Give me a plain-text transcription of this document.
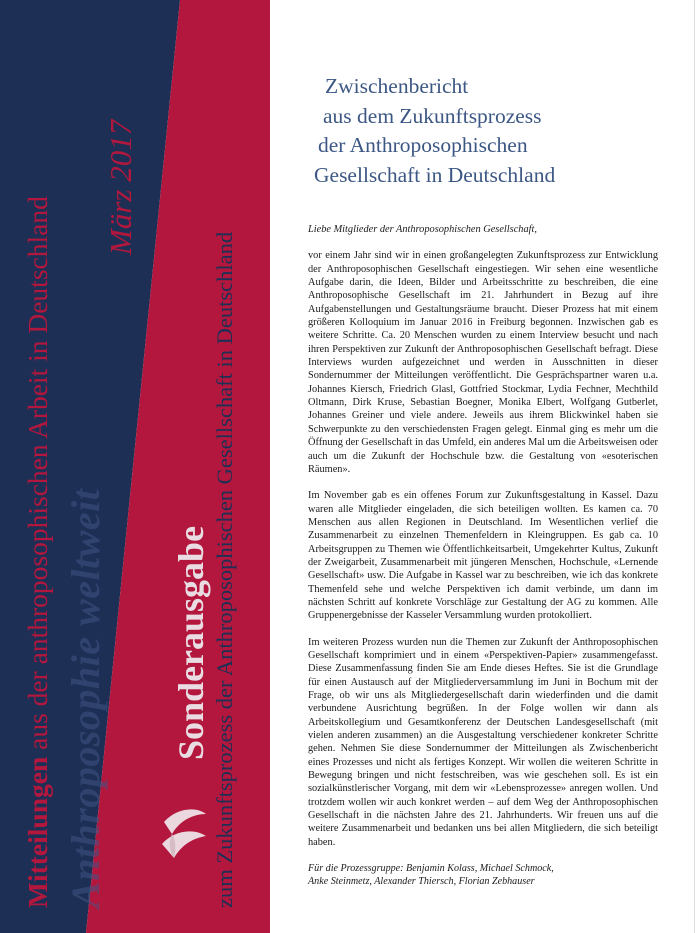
Anthroposophie weltweit
Mitteilungen aus der anthroposophischen Arbeit in Deutschland
März 2017
Sonderausgabe zum Zukunftsprozess der Anthroposophischen Gesellschaft in Deutschland
Zwischenbericht
aus dem Zukunftsprozess
der Anthroposophischen
Gesellschaft in Deutschland

Liebe Mitglieder der Anthroposophischen Gesellschaft,

vor einem Jahr sind wir in einen großangelegten Zukunftsprozess zur Entwicklung der Anthroposophischen Gesellschaft eingestiegen. Wir sehen eine wesentliche Aufgabe darin, die Ideen, Bilder und Arbeitsschritte zu beschreiben, die eine Anthroposophische Gesellschaft im 21. Jahrhundert in Bezug auf ihre Aufgabenstellungen und Gestaltungsräume braucht. Dieser Prozess hat mit einem größeren Kolloquium im Januar 2016 in Freiburg begonnen. Inzwischen gab es weitere Schritte. Ca. 20 Menschen wurden zu einem Interview besucht und nach ihren Perspektiven zur Zukunft der Anthroposophischen Gesellschaft befragt. Diese Interviews wurden aufgezeichnet und werden in Ausschnitten in dieser Sondernummer der Mitteilungen veröffentlicht. Die Gesprächspartner waren u.a. Johannes Kiersch, Friedrich Glasl, Gottfried Stockmar, Lydia Fechner, Mechthild Oltmann, Dirk Kruse, Sebastian Boegner, Monika Elbert, Wolfgang Gutberlet, Johannes Greiner und viele andere. Jeweils aus ihrem Blickwinkel haben sie Schwerpunkte zu den verschiedensten Fragen gelegt. Einmal ging es mehr um die Öffnung der Gesellschaft in das Umfeld, ein anderes Mal um die Arbeitsweisen oder auch um die Zukunft der Hochschule bzw. die Gestaltung von «esoterischen Räumen».

Im November gab es ein offenes Forum zur Zukunftsgestaltung in Kassel. Dazu waren alle Mitglieder eingeladen, die sich beteiligen wollten. Es kamen ca. 70 Menschen aus allen Regionen in Deutschland. Im Wesentlichen verlief die Zusammenarbeit zu einzelnen Themenfeldern in Kleingruppen. Es gab ca. 10 Arbeitsgruppen zu Themen wie Öffentlichkeitsarbeit, Umgekehrter Kultus, Zukunft der Zweigarbeit, Zusammenarbeit mit jüngeren Menschen, Hochschule, «Lernende Gesellschaft» usw. Die Aufgabe in Kassel war zu beschreiben, wie ich das konkrete Themenfeld sehe und welche Perspektiven ich damit verbinde, um dann im nächsten Schritt auf konkrete Vorschläge zur Gestaltung der AG zu kommen. Alle Gruppenergebnisse der Kasseler Versammlung wurden protokolliert.

Im weiteren Prozess wurden nun die Themen zur Zukunft der Anthroposophischen Gesellschaft komprimiert und in einem «Perspektiven-Papier» zusammengefasst. Diese Zusammenfassung finden Sie am Ende dieses Heftes. Sie ist die Grundlage für einen Austausch auf der Mitgliederversammlung im Juni in Bochum mit der Frage, ob wir uns als Mitgliedergesellschaft darin wiederfinden und die damit verbundene Ausrichtung begrüßen. In der Folge wollen wir dann als Arbeitskollegium und Gesamtkonferenz der Deutschen Landesgesellschaft (mit vielen anderen zusammen) an die Ausgestaltung verschiedener konkreter Schritte gehen. Nehmen Sie diese Sondernummer der Mitteilungen als Zwischenbericht eines Prozesses und nicht als fertiges Konzept. Wir wollen die weiteren Schritte in Bewegung bringen und nicht festschreiben, was wie geschehen soll. Es ist ein sozialkünstlerischer Vorgang, mit dem wir «Lebensprozesse» anregen wollen. Und trotzdem wollen wir auch konkret werden – auf dem Weg der Anthroposophischen Gesellschaft in die nächsten Jahre des 21. Jahrhunderts. Wir freuen uns auf die weitere Zusammenarbeit und bedanken uns bei allen Mitgliedern, die sich beteiligt haben.

Für die Prozessgruppe: Benjamin Kolass, Michael Schmock,
Anke Steinmetz, Alexander Thiersch, Florian Zebhauser
